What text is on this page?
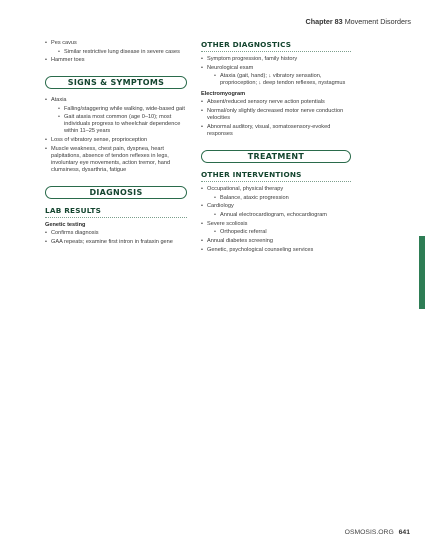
Chapter 83 Movement Disorders
• Pes cavus
• Similar restrictive lung disease in severe cases
• Hammer toes
SIGNS & SYMPTOMS
• Ataxia
• Falling/staggering while walking, wide-based gait
• Gait ataxia most common (age 0–10); most individuals progress to wheelchair dependence within 11–25 years
• Loss of vibratory sense, proprioception
• Muscle weakness, chest pain, dyspnea, heart palpitations, absence of tendon reflexes in legs, involuntary eye movements, action tremor, hand clumsiness, dysarthria, fatigue
DIAGNOSIS
LAB RESULTS
Genetic testing
• Confirms diagnosis
• GAA repeats; examine first intron in frataxin gene
OTHER DIAGNOSTICS
• Symptom progression, family history
• Neurological exam
• Ataxia (gait, hand); ↓ vibratory sensation, proprioception; ↓ deep tendon reflexes, nystagmus
Electromyogram
• Absent/reduced sensory nerve action potentials
• Normal/only slightly decreased motor nerve conduction velocities
• Abnormal auditory, visual, somatosensory-evoked responses
TREATMENT
OTHER INTERVENTIONS
• Occupational, physical therapy
• Balance, ataxic progression
• Cardiology
• Annual electrocardiogram, echocardiogram
• Severe scoliosis
• Orthopedic referral
• Annual diabetes screening
• Genetic, psychological counseling services
OSMOSIS.ORG 641
